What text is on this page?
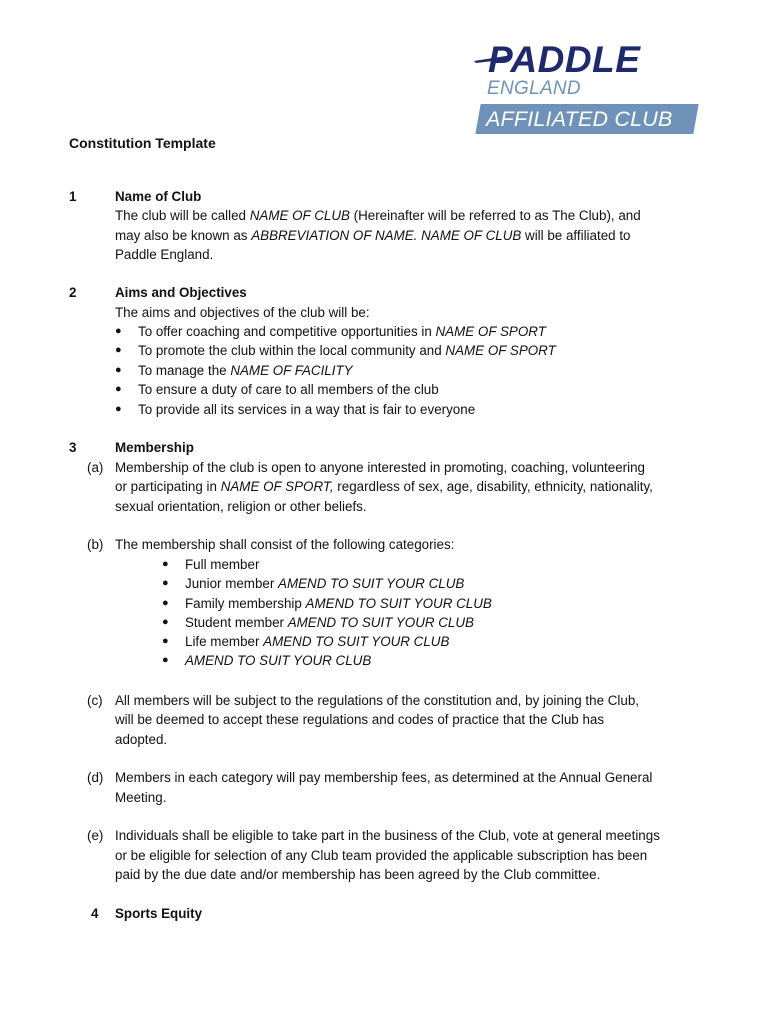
PADDLE
ENGLAND
AFFILIATED CLUB
Constitution Template
1	Name of Club
The club will be called NAME OF CLUB (Hereinafter will be referred to as The Club), and
may also be known as ABBREVIATION OF NAME. NAME OF CLUB will be affiliated to
Paddle England.
2	Aims and Objectives
The aims and objectives of the club will be:
● To offer coaching and competitive opportunities in NAME OF SPORT
● To promote the club within the local community and NAME OF SPORT
● To manage the NAME OF FACILITY
● To ensure a duty of care to all members of the club
● To provide all its services in a way that is fair to everyone
3	Membership
(a) Membership of the club is open to anyone interested in promoting, coaching, volunteering
or participating in NAME OF SPORT, regardless of sex, age, disability, ethnicity, nationality,
sexual orientation, religion or other beliefs.
(b) The membership shall consist of the following categories:
● Full member
● Junior member AMEND TO SUIT YOUR CLUB
● Family membership AMEND TO SUIT YOUR CLUB
● Student member AMEND TO SUIT YOUR CLUB
● Life member AMEND TO SUIT YOUR CLUB
● AMEND TO SUIT YOUR CLUB
(c) All members will be subject to the regulations of the constitution and, by joining the Club,
will be deemed to accept these regulations and codes of practice that the Club has
adopted.
(d) Members in each category will pay membership fees, as determined at the Annual General
Meeting.
(e) Individuals shall be eligible to take part in the business of the Club, vote at general meetings
or be eligible for selection of any Club team provided the applicable subscription has been
paid by the due date and/or membership has been agreed by the Club committee.
4 Sports Equity
